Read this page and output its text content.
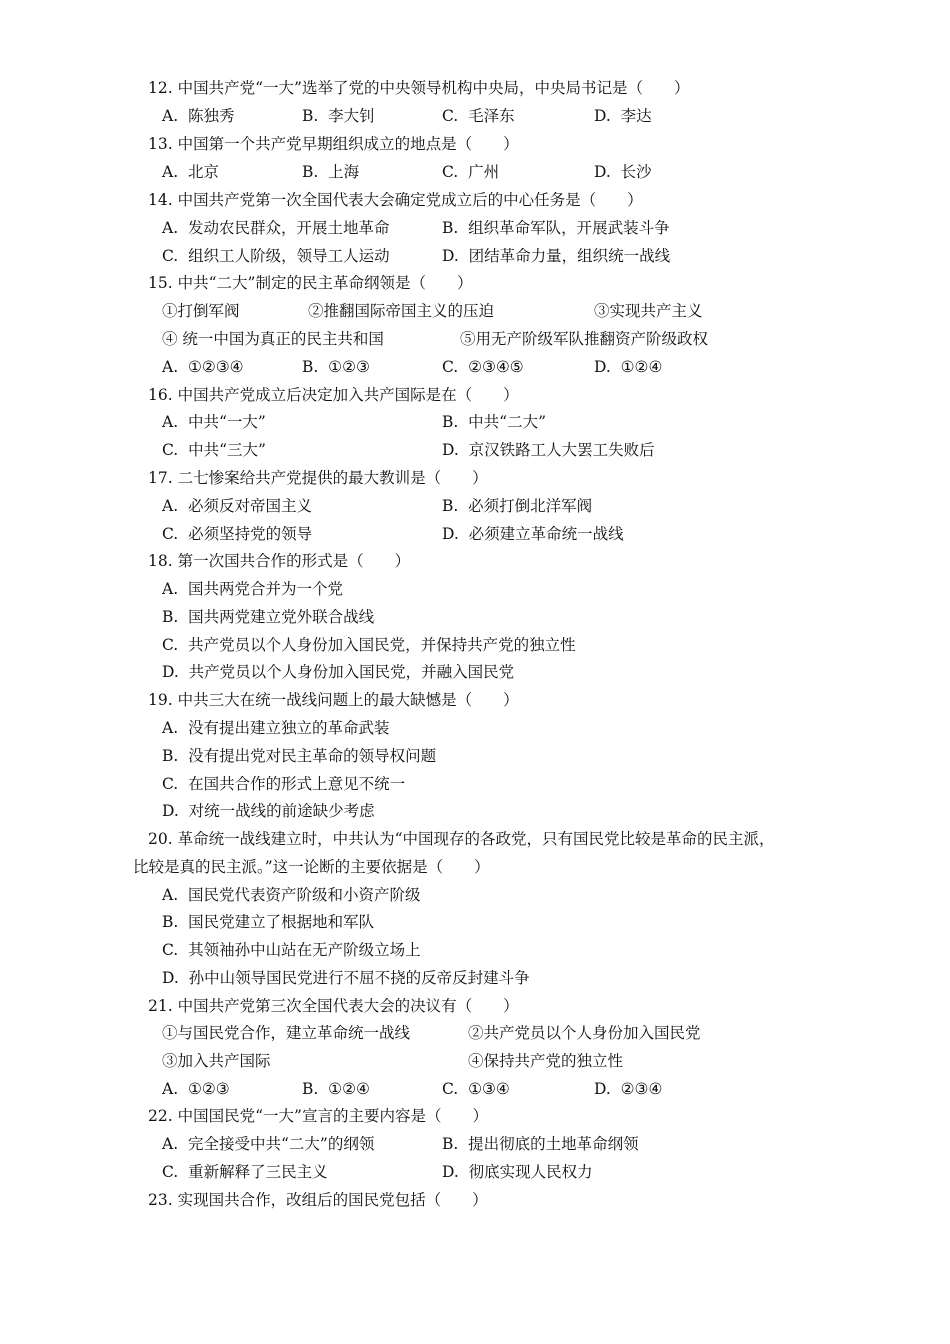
12. 中国共产党“一大”选举了党的中央领导机构中央局，中央局书记是（　　）
A.  陈独秀	B.  李大钊	C.  毛泽东	D.  李达
13. 中国第一个共产党早期组织成立的地点是（　　）
A.  北京	B.  上海	C.  广州	D.  长沙
14. 中国共产党第一次全国代表大会确定党成立后的中心任务是（　　）
A.  发动农民群众，开展土地革命	B.  组织革命军队，开展武装斗争
C.  组织工人阶级，领导工人运动	D.  团结革命力量，组织统一战线
15. 中共“二大”制定的民主革命纲领是（　　）
①打倒军阀	②推翻国际帝国主义的压迫	③实现共产主义
④ 统一中国为真正的民主共和国	⑤用无产阶级军队推翻资产阶级政权
A.  ①②③④	B.  ①②③	C.  ②③④⑤	D.  ①②④
16. 中国共产党成立后决定加入共产国际是在（　　）
A.  中共“一大”	B.  中共“二大”
C.  中共“三大”	D.  京汉铁路工人大罢工失败后
17. 二七惨案给共产党提供的最大教训是（　　）
A.  必须反对帝国主义	B.  必须打倒北洋军阀
C.  必须坚持党的领导	D.  必须建立革命统一战线
18. 第一次国共合作的形式是（　　）
A.  国共两党合并为一个党
B.  国共两党建立党外联合战线
C.  共产党员以个人身份加入国民党，并保持共产党的独立性
D.  共产党员以个人身份加入国民党，并融入国民党
19. 中共三大在统一战线问题上的最大缺憾是（　　）
A.  没有提出建立独立的革命武装
B.  没有提出党对民主革命的领导权问题
C.  在国共合作的形式上意见不统一
D.  对统一战线的前途缺少考虑
20. 革命统一战线建立时，中共认为“中国现存的各政党，只有国民党比较是革命的民主派，
比较是真的民主派。”这一论断的主要依据是（　　）
A.  国民党代表资产阶级和小资产阶级
B.  国民党建立了根据地和军队
C.  其领袖孙中山站在无产阶级立场上
D.  孙中山领导国民党进行不屈不挠的反帝反封建斗争
21. 中国共产党第三次全国代表大会的决议有（　　）
①与国民党合作，建立革命统一战线	②共产党员以个人身份加入国民党
③加入共产国际	④保持共产党的独立性
A.  ①②③	B.  ①②④	C.  ①③④	D.  ②③④
22. 中国国民党“一大”宣言的主要内容是（　　）
A.  完全接受中共“二大”的纲领	B.  提出彻底的土地革命纲领
C.  重新解释了三民主义	D.  彻底实现人民权力
23. 实现国共合作，改组后的国民党包括（　　）
